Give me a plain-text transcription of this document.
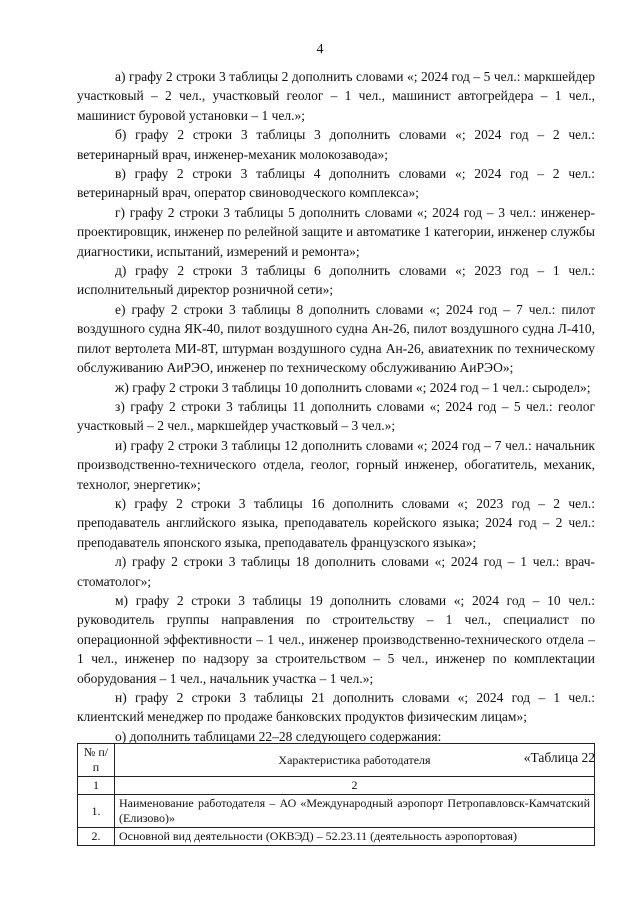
4

а) графу 2 строки 3 таблицы 2 дополнить словами «; 2024 год – 5 чел.: маркшейдер участковый – 2 чел., участковый геолог – 1 чел., машинист автогрейдера – 1 чел., машинист буровой установки – 1 чел.»;

б) графу 2 строки 3 таблицы 3 дополнить словами «; 2024 год – 2 чел.: ветеринарный врач, инженер-механик молокозавода»;

в) графу 2 строки 3 таблицы 4 дополнить словами «; 2024 год – 2 чел.: ветеринарный врач, оператор свиноводческого комплекса»;

г) графу 2 строки 3 таблицы 5 дополнить словами «; 2024 год – 3 чел.: инженер-проектировщик, инженер по релейной защите и автоматике 1 категории, инженер службы диагностики, испытаний, измерений и ремонта»;

д) графу 2 строки 3 таблицы 6 дополнить словами «; 2023 год – 1 чел.: исполнительный директор розничной сети»;

е) графу 2 строки 3 таблицы 8 дополнить словами «; 2024 год – 7 чел.: пилот воздушного судна ЯК-40, пилот воздушного судна Ан-26, пилот воздушного судна Л-410, пилот вертолета МИ-8Т, штурман воздушного судна Ан-26, авиатехник по техническому обслуживанию АиРЭО, инженер по техническому обслуживанию АиРЭО»;

ж) графу 2 строки 3 таблицы 10 дополнить словами «; 2024 год – 1 чел.: сыродел»;

з) графу 2 строки 3 таблицы 11 дополнить словами «; 2024 год – 5 чел.: геолог участковый – 2 чел., маркшейдер участковый – 3 чел.»;

и) графу 2 строки 3 таблицы 12 дополнить словами «; 2024 год – 7 чел.: начальник производственно-технического отдела, геолог, горный инженер, обогатитель, механик, технолог, энергетик»;

к) графу 2 строки 3 таблицы 16 дополнить словами «; 2023 год – 2 чел.: преподаватель английского языка, преподаватель корейского языка; 2024 год – 2 чел.: преподаватель японского языка, преподаватель французского языка»;

л) графу 2 строки 3 таблицы 18 дополнить словами «; 2024 год – 1 чел.: врач-стоматолог»;

м) графу 2 строки 3 таблицы 19 дополнить словами «; 2024 год – 10 чел.: руководитель группы направления по строительству – 1 чел., специалист по операционной эффективности – 1 чел., инженер производственно-технического отдела – 1 чел., инженер по надзору за строительством – 5 чел., инженер по комплектации оборудования – 1 чел., начальник участка – 1 чел.»;

н) графу 2 строки 3 таблицы 21 дополнить словами «; 2024 год – 1 чел.: клиентский менеджер по продаже банковских продуктов физическим лицам»;

о) дополнить таблицами 22–28 следующего содержания:

«Таблица 22

№ п/п	Характеристика работодателя
1	2
1.	Наименование работодателя – АО «Международный аэропорт Петропавловск-Камчатский (Елизово)»
2.	Основной вид деятельности (ОКВЭД) – 52.23.11 (деятельность аэропортовая)
